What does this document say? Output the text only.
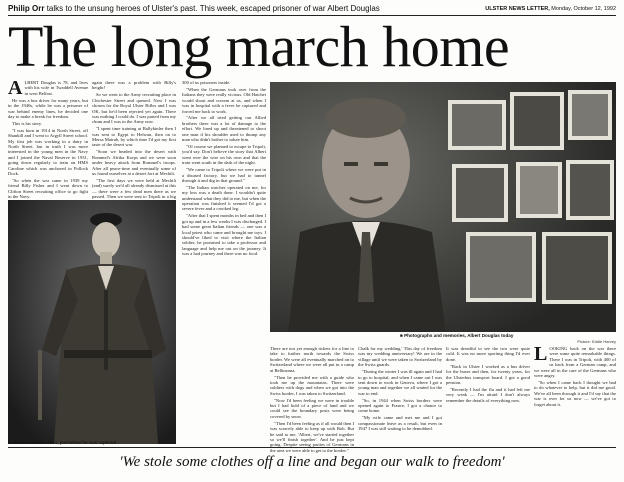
Philip Orr talks to the unsung heroes of Ulster's past. This week, escaped prisoner of war Albert Douglas	ULSTER NEWS LETTER, Monday, October 12, 1992
The long march home

ALBERT Douglas is 78, and lives with his wife in Twaddell Avenue in west Belfast.

He was a bus driver for many years, but in the 1940s, while he was a prisoner of war behind enemy lines, he decided one day to make a break for freedom.

This is his story.

"I was born in 1914 in North Street, off Shankill and I went to Argyll Street school. My first job was working in a dairy in North Street, but in truth I was more interested in the young men in the Navy and I joined the Naval Reserve in 1931, going down regularly to train on HMS Caroline which was anchored in Pollock Dock.

"So when the war came in 1939 my friend Billy Fisher and I went down to Clifton Street recruiting office to go fight in the Navy.

again there was a problem with Billy's height!

So we went to the Army recruiting place in Chichester Street and queued. Now I was chosen for the Royal Ulster Rifles and I was OK, but he'd been rejected yet again. There was nothing I could do. I was parted from my chum and I was in the Army now.

"I spent time training at Ballykinler then I was sent to Egypt to Helwan, then on to Mersa Matruh, by which time I'd got my first taste of the desert war.

"Soon we headed into the desert with Rommel's Afrika Korps and we were soon under heavy attack from Rommel's troops. After all peace-time and eventually some of us found ourselves at a desert fort at Mechili.

"The first days we were held at Mechili (and) surely we'd all already dismissed at this — there were a few dead men there as we passed. Then we were sent to Tripoli in a big

300 of us prisoners inside.

"When the Germans took over from the Italians they were really vicious. Old Hatchet would shout and scream at us, and when I was in hospital with a fever he captured and forced me back to work.

"After we all tried getting our Allied brothers there was a lot of damage to the effort. We lined up and threatened to shoot one man if his shoulder used to thump any man who didn't bother to salute him.

"Of course we planned to escape to Tripoli, you'd say. Don't believe the story that Albert went over the wire on his own and that the train went south in the dark of the night.

"We came to Tripoli where we were put in a disused factory, but we had to tunnel through it and dig in that ground."

"The Italian watches operated on me, for my loss was a death done. I wouldn't quite understand what they did to me, but when the operation was finished it seemed I'd got a severe fever and a crooked leg.

"After that I spent months in bed and then I got up and in a few weeks I was discharged. I had some great Italian friends — one was a local priest who came and brought me toys. I should've liked to visit where the Italian soldier, he promised to take a professor and language and help me out on the journey. It was a bad journey and there was no food.

■ Albert in Cairo in 1941, just before he was captured
■ Photographs and memories, Albert Douglas today
Picture: Eddie Harvey

There are not yet enough tickets for a line to take to further north towards the Swiss border. We were all eventually marched on to Switzerland where we were all put in a camp at Bellinzona.

"Then he provided me with a guide who took me up the mountains. There were soldiers with dogs and when we got into the Swiss border, I was taken to Switzerland.

"Now I'd been feeling we were in trouble but I had hold of a piece of land and we could see the boundary posts were being covered by snow.

"Then I'd been feeling as if all would then I was scarcely able to keep up with Bob. But he said to me, 'Albert, we've started together so we'll finish together'. And he just kept going. Despite seeing parties of Germans in the area we were able to get to the border."

Chalk for my wedding.' This day of freedom was my wedding anniversary! We are in the village until we were taken to Switzerland by the Swiss guards.

"During the winter I was ill again and I had to go to hospital, and when I came out I was sent down to work in Geneva, where I got a young man and together we all waited for the war to end.

"So, in 1944 when Swiss borders were opened again to France, I got a chance to come home.

"My wife came and met me and I got compassionate leave as a result, but even in 1947 I was still waiting to be demobbed.

It was dreadful to see the two were quite cold. It was no more sporting thing I'd ever done.

"Back in Ulster I worked as a bus driver for the buses and then, for twenty years, for the Ulsterbus transport board. I got a good pension.

"Recently I had the flu and it had left me very weak — I'm afraid I don't always remember the details of everything now.

LOOKING back on the war there were some quite remarkable things. There I was in Tripoli, with 400 of us back from a German camp, and we were all in the care of the Germans who were angry.

"So when I came back I thought we had to do whatever to help, but it did me good. We've all been through it and I'd say that the war is over for us now — we've got to forget about it.

'We stole some clothes off a line and began our walk to freedom'
